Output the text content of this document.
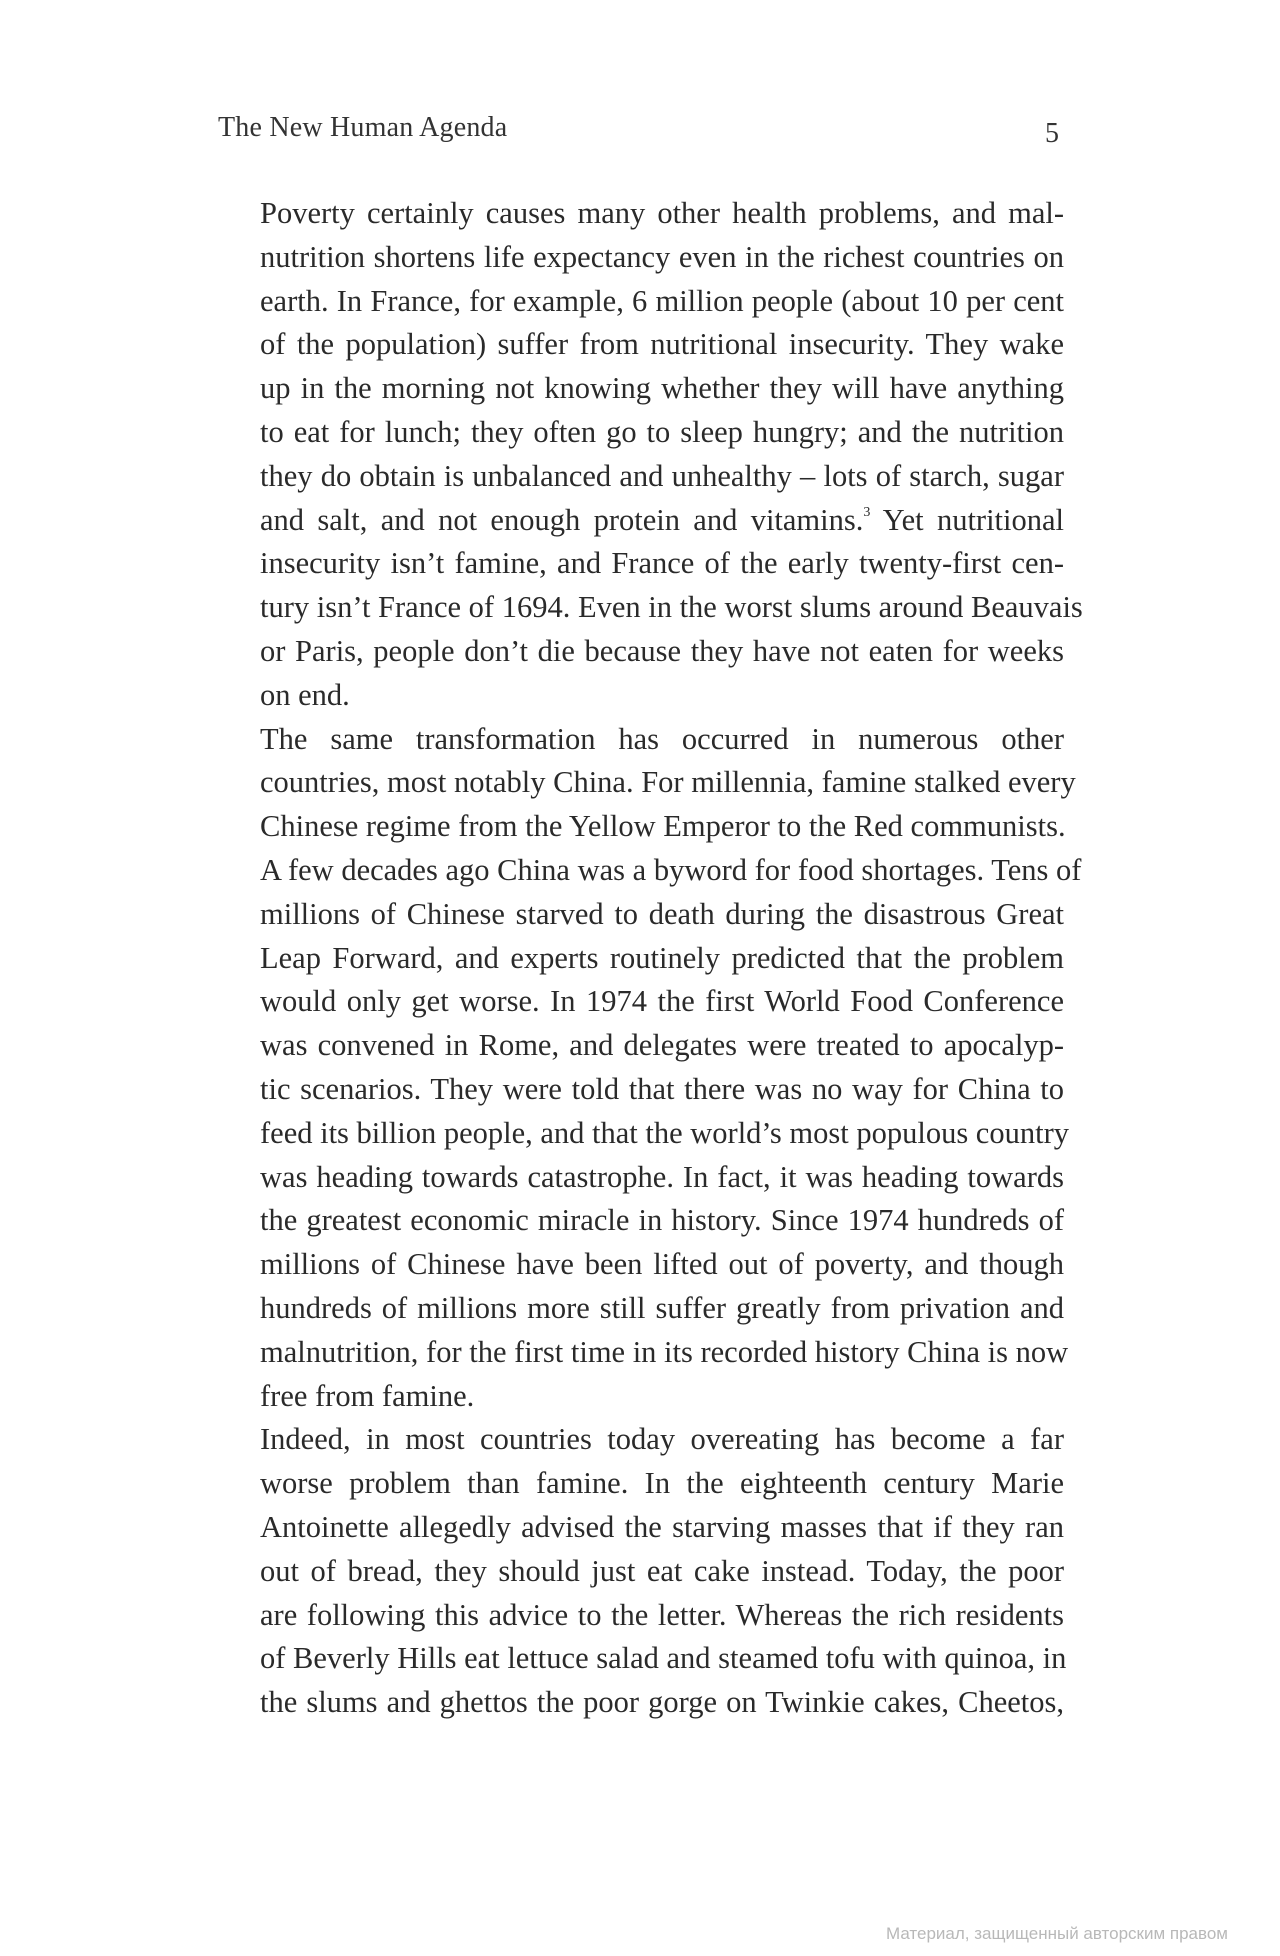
The New Human Agenda	5

Poverty certainly causes many other health problems, and mal-
nutrition shortens life expectancy even in the richest countries on
earth. In France, for example, 6 million people (about 10 per cent
of the population) suffer from nutritional insecurity. They wake
up in the morning not knowing whether they will have anything
to eat for lunch; they often go to sleep hungry; and the nutrition
they do obtain is unbalanced and unhealthy – lots of starch, sugar
and salt, and not enough protein and vitamins.$^3$ Yet nutritional
insecurity isn’t famine, and France of the early twenty-first cen-
tury isn’t France of 1694. Even in the worst slums around Beauvais
or Paris, people don’t die because they have not eaten for weeks
on end.

The same transformation has occurred in numerous other
countries, most notably China. For millennia, famine stalked every
Chinese regime from the Yellow Emperor to the Red communists.
A few decades ago China was a byword for food shortages. Tens of
millions of Chinese starved to death during the disastrous Great
Leap Forward, and experts routinely predicted that the problem
would only get worse. In 1974 the first World Food Conference
was convened in Rome, and delegates were treated to apocalyp-
tic scenarios. They were told that there was no way for China to
feed its billion people, and that the world’s most populous country
was heading towards catastrophe. In fact, it was heading towards
the greatest economic miracle in history. Since 1974 hundreds of
millions of Chinese have been lifted out of poverty, and though
hundreds of millions more still suffer greatly from privation and
malnutrition, for the first time in its recorded history China is now
free from famine.

Indeed, in most countries today overeating has become a far
worse problem than famine. In the eighteenth century Marie
Antoinette allegedly advised the starving masses that if they ran
out of bread, they should just eat cake instead. Today, the poor
are following this advice to the letter. Whereas the rich residents
of Beverly Hills eat lettuce salad and steamed tofu with quinoa, in
the slums and ghettos the poor gorge on Twinkie cakes, Cheetos,

Материал, защищенный авторским правом
